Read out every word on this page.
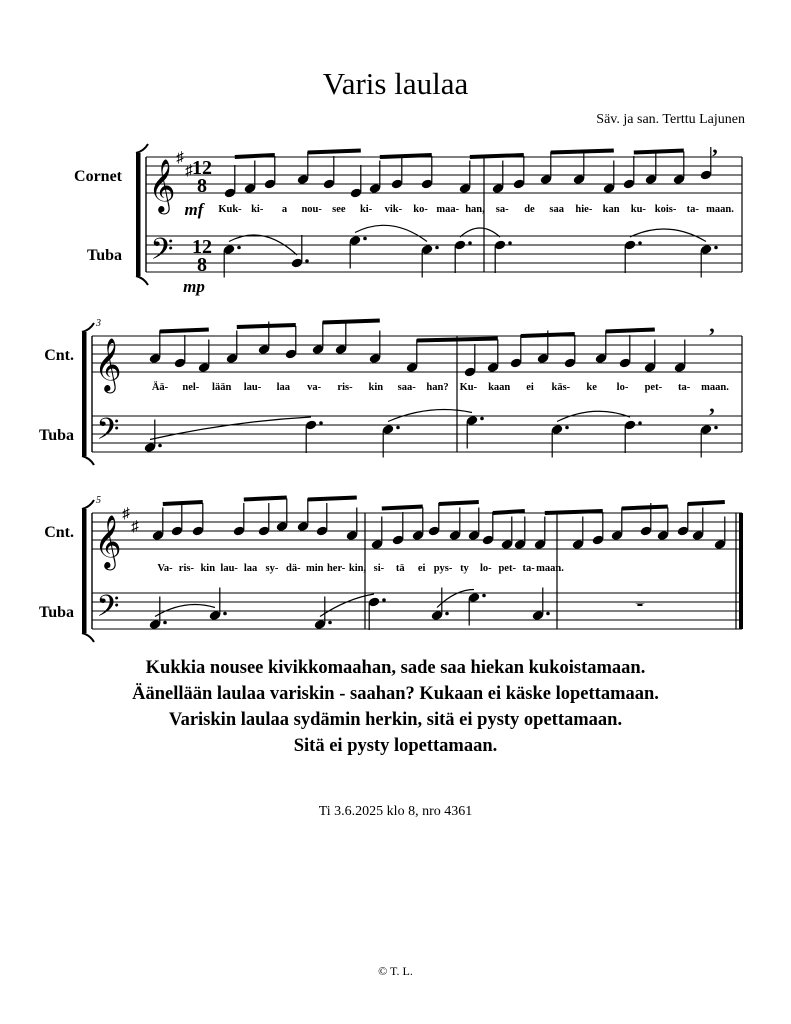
Varis laulaa
Säv. ja san. Terttu Lajunen
Cornet
Tuba
𝄞
𝄢
♯
♯ 12
8
12
8
mf
mp
,
Kuk- ki- a nou- see ki- vik- ko- maa- han, sa- de saa hie- kan ku- kois- ta- maan.
Cnt.
Tuba
3
𝄞
𝄢
,
,
Ää- nel- lään lau- laa va- ris- kin saa- han? Ku- kaan ei käs- ke lo- pet- ta- maan.
Cnt.
Tuba
5
𝄞
𝄢
♯
♯
𝄻
Va- ris- kin lau- laa sy- dä- min her- kin, si- tä ei pys- ty lo- pet- ta- maan.
Kukkia nousee kivikkomaahan, sade saa hiekan kukoistamaan.
Äänellään laulaa variskin - saahan? Kukaan ei käske lopettamaan.
Variskin laulaa sydämin herkin, sitä ei pysty opettamaan.
Sitä ei pysty lopettamaan.
Ti 3.6.2025 klo 8, nro 4361
© T. L.
